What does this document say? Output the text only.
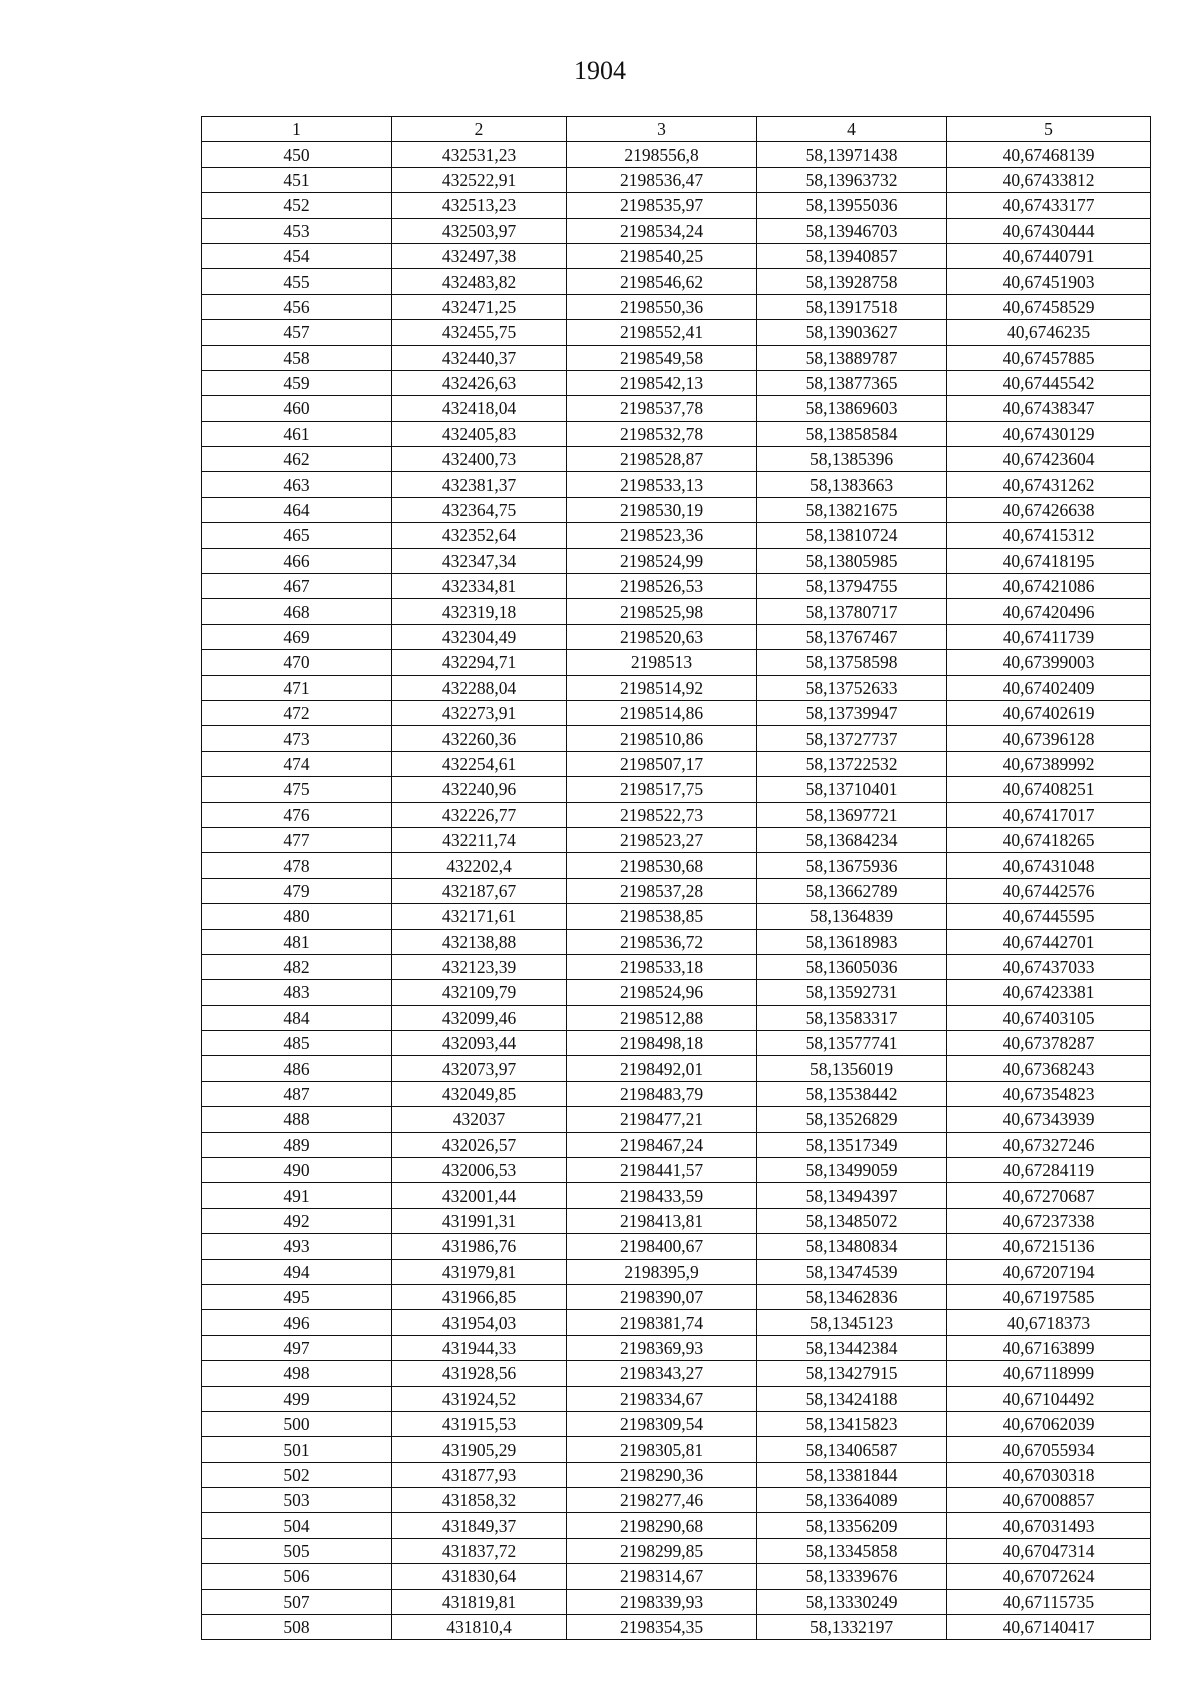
1904
1	2	3	4	5
450	432531,23	2198556,8	58,13971438	40,67468139
451	432522,91	2198536,47	58,13963732	40,67433812
452	432513,23	2198535,97	58,13955036	40,67433177
453	432503,97	2198534,24	58,13946703	40,67430444
454	432497,38	2198540,25	58,13940857	40,67440791
455	432483,82	2198546,62	58,13928758	40,67451903
456	432471,25	2198550,36	58,13917518	40,67458529
457	432455,75	2198552,41	58,13903627	40,6746235
458	432440,37	2198549,58	58,13889787	40,67457885
459	432426,63	2198542,13	58,13877365	40,67445542
460	432418,04	2198537,78	58,13869603	40,67438347
461	432405,83	2198532,78	58,13858584	40,67430129
462	432400,73	2198528,87	58,1385396	40,67423604
463	432381,37	2198533,13	58,1383663	40,67431262
464	432364,75	2198530,19	58,13821675	40,67426638
465	432352,64	2198523,36	58,13810724	40,67415312
466	432347,34	2198524,99	58,13805985	40,67418195
467	432334,81	2198526,53	58,13794755	40,67421086
468	432319,18	2198525,98	58,13780717	40,67420496
469	432304,49	2198520,63	58,13767467	40,67411739
470	432294,71	2198513	58,13758598	40,67399003
471	432288,04	2198514,92	58,13752633	40,67402409
472	432273,91	2198514,86	58,13739947	40,67402619
473	432260,36	2198510,86	58,13727737	40,67396128
474	432254,61	2198507,17	58,13722532	40,67389992
475	432240,96	2198517,75	58,13710401	40,67408251
476	432226,77	2198522,73	58,13697721	40,67417017
477	432211,74	2198523,27	58,13684234	40,67418265
478	432202,4	2198530,68	58,13675936	40,67431048
479	432187,67	2198537,28	58,13662789	40,67442576
480	432171,61	2198538,85	58,1364839	40,67445595
481	432138,88	2198536,72	58,13618983	40,67442701
482	432123,39	2198533,18	58,13605036	40,67437033
483	432109,79	2198524,96	58,13592731	40,67423381
484	432099,46	2198512,88	58,13583317	40,67403105
485	432093,44	2198498,18	58,13577741	40,67378287
486	432073,97	2198492,01	58,1356019	40,67368243
487	432049,85	2198483,79	58,13538442	40,67354823
488	432037	2198477,21	58,13526829	40,67343939
489	432026,57	2198467,24	58,13517349	40,67327246
490	432006,53	2198441,57	58,13499059	40,67284119
491	432001,44	2198433,59	58,13494397	40,67270687
492	431991,31	2198413,81	58,13485072	40,67237338
493	431986,76	2198400,67	58,13480834	40,67215136
494	431979,81	2198395,9	58,13474539	40,67207194
495	431966,85	2198390,07	58,13462836	40,67197585
496	431954,03	2198381,74	58,1345123	40,6718373
497	431944,33	2198369,93	58,13442384	40,67163899
498	431928,56	2198343,27	58,13427915	40,67118999
499	431924,52	2198334,67	58,13424188	40,67104492
500	431915,53	2198309,54	58,13415823	40,67062039
501	431905,29	2198305,81	58,13406587	40,67055934
502	431877,93	2198290,36	58,13381844	40,67030318
503	431858,32	2198277,46	58,13364089	40,67008857
504	431849,37	2198290,68	58,13356209	40,67031493
505	431837,72	2198299,85	58,13345858	40,67047314
506	431830,64	2198314,67	58,13339676	40,67072624
507	431819,81	2198339,93	58,13330249	40,67115735
508	431810,4	2198354,35	58,1332197	40,67140417
